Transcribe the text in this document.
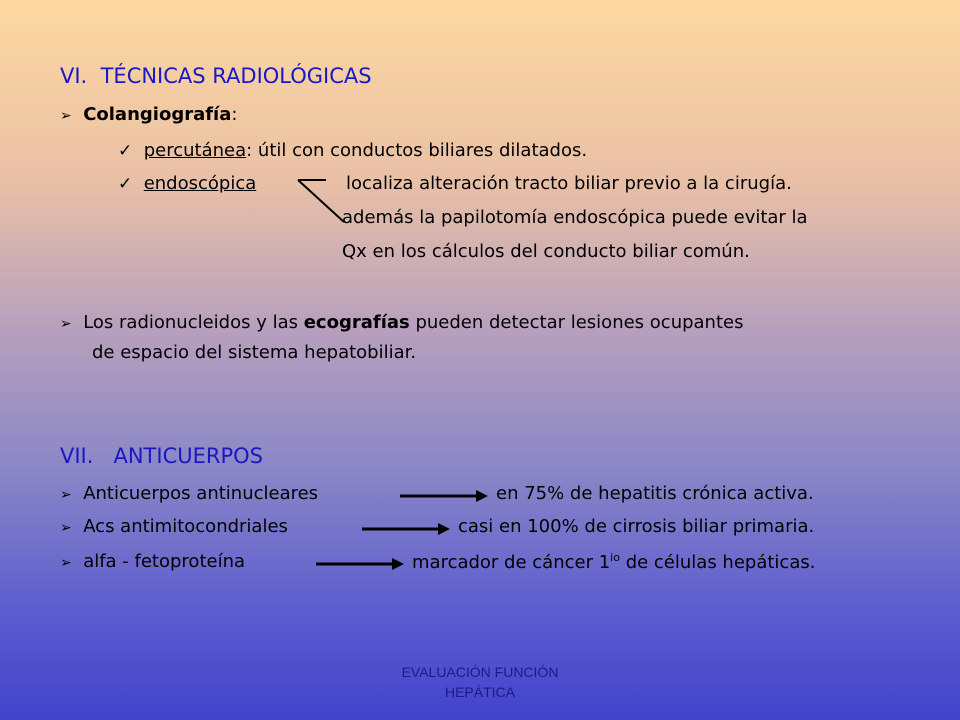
VI. TÉCNICAS RADIOLÓGICAS
➢ Colangiografía:
✓ percutánea: útil con conductos biliares dilatados.
✓ endoscópica	localiza alteración tracto biliar previo a la cirugía.
además la papilotomía endoscópica puede evitar la
Qx en los cálculos del conducto biliar común.
➢ Los radionucleidos y las ecografías pueden detectar lesiones ocupantes
de espacio del sistema hepatobiliar.
VII. ANTICUERPOS
➢ Anticuerpos antinucleares	en 75% de hepatitis crónica activa.
➢ Acs antimitocondriales	casi en 100% de cirrosis biliar primaria.
➢ alfa - fetoproteína	marcador de cáncer $1^{io}$ de células hepáticas.
EVALUACIÓN FUNCIÓN
HEPÁTICA
